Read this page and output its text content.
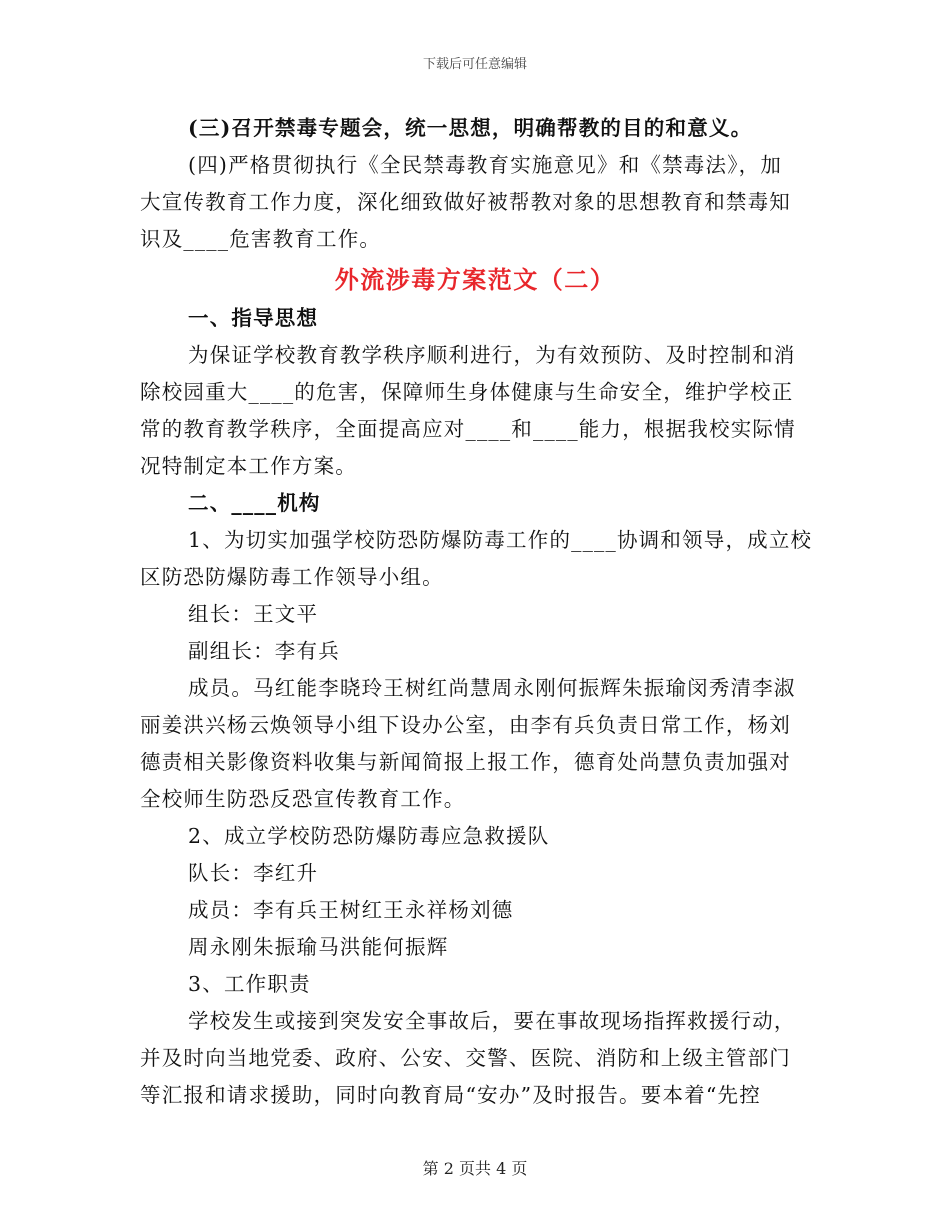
下载后可任意编辑

(三)召开禁毒专题会，统一思想，明确帮教的目的和意义。

(四)严格贯彻执行《全民禁毒教育实施意见》和《禁毒法》，加

大宣传教育工作力度，深化细致做好被帮教对象的思想教育和禁毒知

识及____危害教育工作。

外流涉毒方案范文（二）

一、指导思想

为保证学校教育教学秩序顺利进行，为有效预防、及时控制和消

除校园重大____的危害，保障师生身体健康与生命安全，维护学校正

常的教育教学秩序，全面提高应对____和____能力，根据我校实际情

况特制定本工作方案。

二、____机构

1、为切实加强学校防恐防爆防毒工作的____协调和领导，成立校

区防恐防爆防毒工作领导小组。

组长：王文平

副组长：李有兵

成员。马红能李晓玲王树红尚慧周永刚何振辉朱振瑜闵秀清李淑

丽姜洪兴杨云焕领导小组下设办公室，由李有兵负责日常工作，杨刘

德责相关影像资料收集与新闻简报上报工作，德育处尚慧负责加强对

全校师生防恐反恐宣传教育工作。

2、成立学校防恐防爆防毒应急救援队

队长：李红升

成员：李有兵王树红王永祥杨刘德

周永刚朱振瑜马洪能何振辉

3、工作职责

学校发生或接到突发安全事故后，要在事故现场指挥救援行动，

并及时向当地党委、政府、公安、交警、医院、消防和上级主管部门

等汇报和请求援助，同时向教育局“安办”及时报告。要本着“先控

第 2 页共 4 页
